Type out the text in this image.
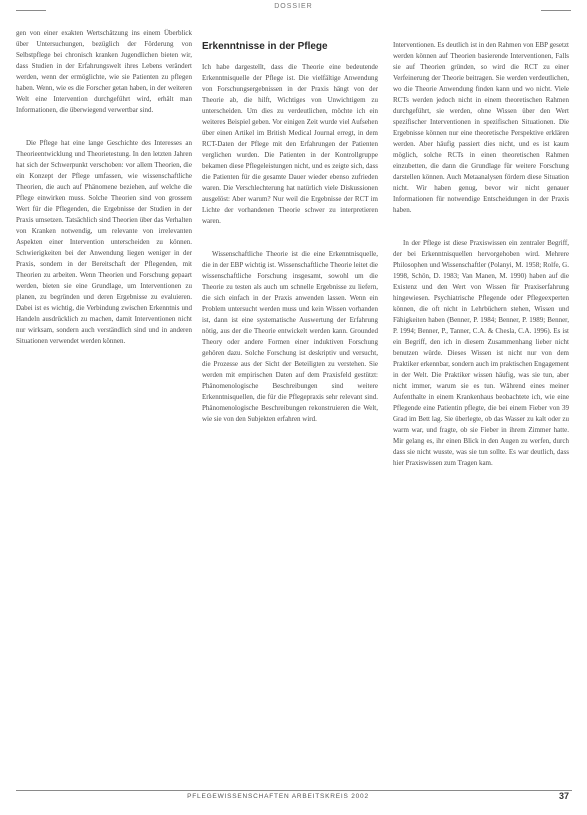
DOSSIER

gen von einer exakten Wertschätzung ins einem Überblick über Untersuchungen, bezüglich der Förderung von Selbstpflege bei chronisch kranken Jugendlichen bieten wir, dass Studien in der Erfahrungswelt ihres Lebens verändert werden, wenn der ermöglichte, wie sie Patienten zu pflegen haben. Wenn, wie es die Forscher getan haben, in der weiteren Welt eine Intervention durchgeführt wird, erhält man Informationen, die überwiegend verwertbar sind.

Die Pflege hat eine lange Geschichte des Interesses an Theorieentwicklung und Theorietestung. In den letzten Jahren hat sich der Schwerpunkt verschoben: vor allem Theorien, die ein Konzept der Pflege umfassen, wie wissenschaftliche Theorien, die auch auf Phänomene beziehen, auf welche die Pflege einwirken muss. Solche Theorien sind von grossem Wert für die Pflegenden, die Ergebnisse der Studien in der Praxis umsetzen. Tatsächlich sind Theorien über das Verhalten von Kranken notwendig, um relevante von irrelevanten Aspekten einer Intervention unterscheiden zu können. Schwierigkeiten bei der Anwendung liegen weniger in der Praxis, sondern in der Bereitschaft der Pflegenden, mit Theorien zu arbeiten. Wenn Theorien und Forschung gepaart werden, bieten sie eine Grundlage, um Interventionen zu planen, zu begründen und deren Ergebnisse zu evaluieren. Dabei ist es wichtig, die Verbindung zwischen Erkenntnis und Handeln ausdrücklich zu machen, damit Interventionen nicht nur wirksam, sondern auch verständlich sind und in anderen Situationen verwendet werden können.

Erkenntnisse in der Pflege

Ich habe dargestellt, dass die Theorie eine bedeutende Erkenntnisquelle der Pflege ist. Die vielfältige Anwendung von Forschungsergebnissen in der Praxis hängt von der Theorie ab, die hilft, Wichtiges von Unwichtigem zu unterscheiden. Um dies zu verdeutlichen, möchte ich ein weiteres Beispiel geben. Vor einigen Zeit wurde viel Aufsehen über einen Artikel im British Medical Journal erregt, in dem RCT-Daten der Pflege mit den Erfahrungen der Patienten verglichen wurden. Die Patienten in der Kontrollgruppe bekamen diese Pflegeleistungen nicht, und es zeigte sich, dass die Patienten für die gesamte Dauer wieder ebenso zufrieden waren. Die Verschlechterung hat natürlich viele Diskussionen ausgelöst: Aber warum? Nur weil die Ergebnisse der RCT im Lichte der vorhandenen Theorie schwer zu interpretieren waren.

Wissenschaftliche Theorie ist die eine Erkenntnisquelle, die in der EBP wichtig ist. Wissenschaftliche Theorie leitet die wissenschaftliche Forschung insgesamt, sowohl um die Theorie zu testen als auch um schnelle Ergebnisse zu liefern, die sich einfach in der Praxis anwenden lassen. Wenn ein Problem untersucht werden muss und kein Wissen vorhanden ist, dann ist eine systematische Auswertung der Erfahrung nötig, aus der die Theorie entwickelt werden kann. Grounded Theory oder andere Formen einer induktiven Forschung gehören dazu. Solche Forschung ist deskriptiv und versucht, die Prozesse aus der Sicht der Beteiligten zu verstehen. Sie werden mit empirischen Daten auf dem Praxisfeld gestützt: Phänomenologische Beschreibungen sind weitere Erkenntnisquellen, die für die Pflegepraxis sehr relevant sind. Phänomenologische Beschreibungen rekonstruieren die Welt, wie sie von den Subjekten erfahren wird.

Interventionen. Es deutlich ist in den Rahmen von EBP gesetzt werden können auf Theorien basierende Interventionen, Falls sie auf Theorien gründen, so wird die RCT zu einer Verfeinerung der Theorie beitragen. Sie werden verdeutlichen, wo die Theorie Anwendung finden kann und wo nicht. Viele RCTs werden jedoch nicht in einem theoretischen Rahmen durchgeführt, sie werden, ohne Wissen über den Wert spezifischer Interventionen in spezifischen Situationen. Die Ergebnisse können nur eine theoretische Perspektive erklären werden. Aber häufig passiert dies nicht, und es ist kaum möglich, solche RCTs in einen theoretischen Rahmen einzubetten, die dann die Grundlage für weitere Forschung darstellen können. Auch Metaanalysen fördern diese Situation nicht. Wir haben genug, bevor wir nicht genauer Informationen für notwendige Entscheidungen in der Praxis haben.

In der Pflege ist diese Praxiswissen ein zentraler Begriff, der bei Erkenntnisquellen hervorgehoben wird. Mehrere Philosophen und Wissenschaftler (Polanyi, M. 1958; Rolfe, G. 1998, Schön, D. 1983; Van Manen, M. 1990) haben auf die Existenz und den Wert von Wissen für Praxiserfahrung hingewiesen. Psychiatrische Pflegende oder Pflegeexperten können, die oft nicht in Lehrbüchern stehen, Wissen und Fähigkeiten haben (Benner, P. 1984; Benner, P. 1989; Benner, P. 1994; Benner, P., Tanner, C.A. & Chesla, C.A. 1996). Es ist ein Begriff, den ich in diesem Zusammenhang lieber nicht benutzen würde. Dieses Wissen ist nicht nur von dem Praktiker erkennbar, sondern auch im praktischen Engagement in der Welt. Die Praktiker wissen häufig, was sie tun, aber nicht immer, warum sie es tun. Während eines meiner Aufenthalte in einem Krankenhaus beobachtete ich, wie eine Pflegende eine Patientin pflegte, die bei einem Fieber von 39 Grad im Bett lag. Sie überlegte, ob das Wasser zu kalt oder zu warm war, und fragte, ob sie Fieber in ihrem Zimmer hatte. Mir gelang es, ihr einen Blick in den Augen zu werfen, durch dass sie nicht wusste, was sie tun sollte. Es war deutlich, dass hier Praxiswissen zum Tragen kam.

PFLEGEWISSENSCHAFTEN ARBEITSKREIS 2002	37
